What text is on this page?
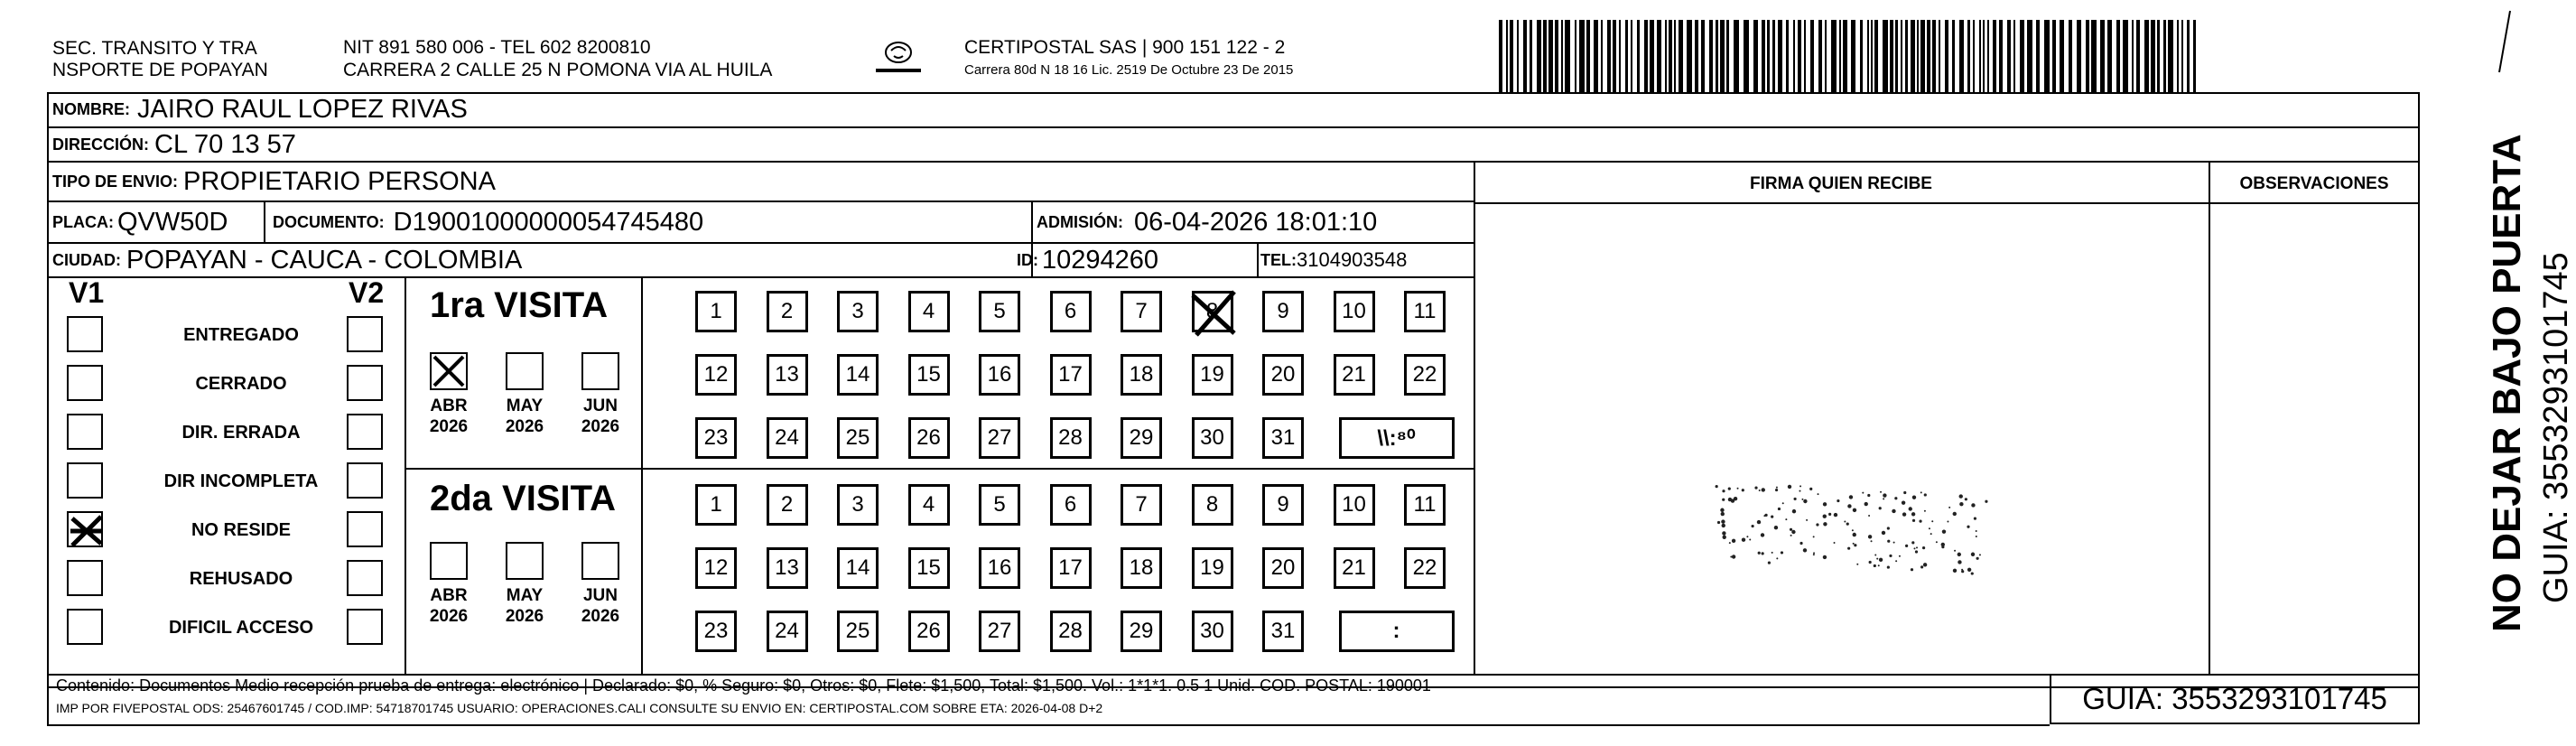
SEC. TRANSITO Y TRA
NSPORTE DE POPAYAN
NIT 891 580 006 - TEL 602 8200810
CARRERA 2 CALLE 25 N POMONA VIA AL HUILA
CERTIPOSTAL SAS | 900 151 122 - 2
Carrera 80d N 18 16 Lic. 2519 De Octubre 23 De 2015
NOMBRE: JAIRO RAUL LOPEZ RIVAS
DIRECCIÓN: CL 70 13 57
TIPO DE ENVIO: PROPIETARIO PERSONA
PLACA: QVW50D	DOCUMENTO: D19001000000054745480	ADMISIÓN: 06-04-2026 18:01:10
CIUDAD: POPAYAN - CAUCA - COLOMBIA	ID: 10294260	TEL: 3104903548
FIRMA QUIEN RECIBE	OBSERVACIONES
V1	V2
ENTREGADO
CERRADO
DIR. ERRADA
DIR INCOMPLETA
NO RESIDE
REHUSADO
DIFICIL ACCESO
1ra VISITA
ABR
2026
MAY
2026
JUN
2026
1	2	3	4	5	6	7	9	10	11
12	13	14	15	16	17	18	19	20	21	22
23	24	25	26	27	28	29	30	31	\\:⁸⁰
2da VISITA
ABR
2026
MAY
2026
JUN
2026
1	2	3	4	5	6	7	8	9	10	11
12	13	14	15	16	17	18	19	20	21	22
23	24	25	26	27	28	29	30	31	:
Contenido: Documentos Medio recepción prueba de entrega: electrónico | Declarado: $0, % Seguro: $0, Otros: $0, Flete: $1,500, Total: $1,500. Vol.: 1*1*1. 0.5 1 Unid. COD. POSTAL: 190001
IMP POR FIVEPOSTAL ODS: 25467601745 / COD.IMP: 54718701745 USUARIO: OPERACIONES.CALI CONSULTE SU ENVIO EN: CERTIPOSTAL.COM SOBRE ETA: 2026-04-08 D+2	GUIA: 3553293101745
NO DEJAR BAJO PUERTA GUIA: 3553293101745
